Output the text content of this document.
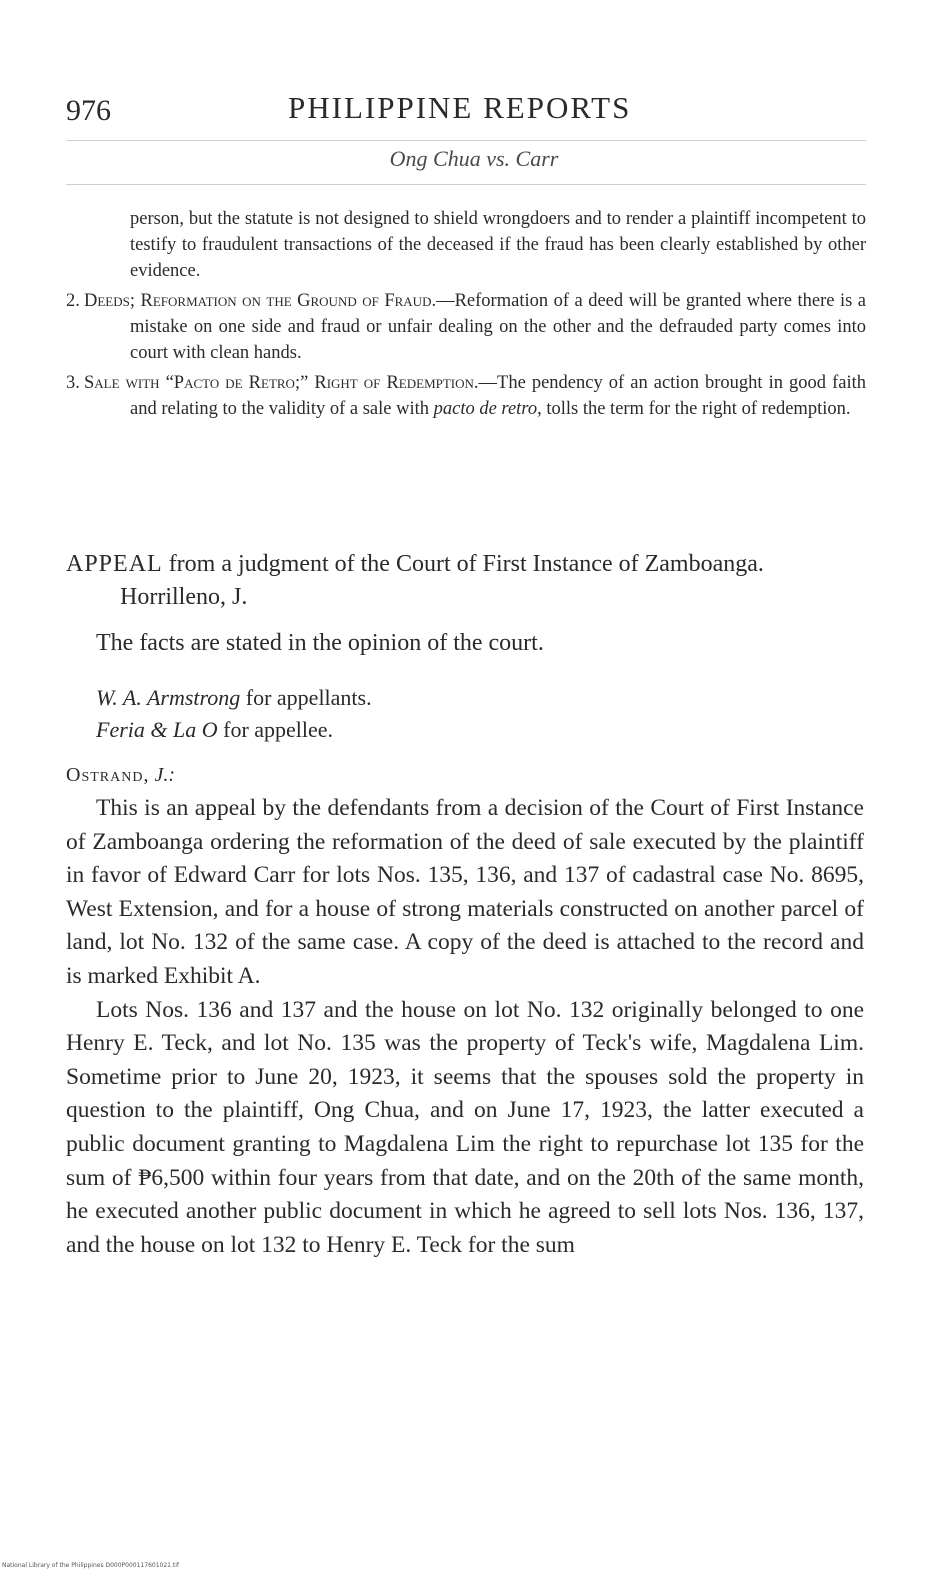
976	PHILIPPINE REPORTS
Ong Chua vs. Carr

person, but the statute is not designed to shield wrongdoers and to render a plaintiff incompetent to testify to fraudulent transactions of the deceased if the fraud has been clearly established by other evidence.

2. Deeds; Reformation on the Ground of Fraud.—Reformation of a deed will be granted where there is a mistake on one side and fraud or unfair dealing on the other and the defrauded party comes into court with clean hands.

3. Sale with “Pacto de Retro;” Right of Redemption.—The pendency of an action brought in good faith and relating to the validity of a sale with pacto de retro, tolls the term for the right of redemption.

APPEAL from a judgment of the Court of First Instance of Zamboanga. Horrilleno, J.
The facts are stated in the opinion of the court.
W. A. Armstrong for appellants.
Feria & La O for appellee.
Ostrand, J.:

This is an appeal by the defendants from a decision of the Court of First Instance of Zamboanga ordering the reformation of the deed of sale executed by the plaintiff in favor of Edward Carr for lots Nos. 135, 136, and 137 of cadastral case No. 8695, West Extension, and for a house of strong materials constructed on another parcel of land, lot No. 132 of the same case. A copy of the deed is attached to the record and is marked Exhibit A.

Lots Nos. 136 and 137 and the house on lot No. 132 originally belonged to one Henry E. Teck, and lot No. 135 was the property of Teck's wife, Magdalena Lim. Sometime prior to June 20, 1923, it seems that the spouses sold the property in question to the plaintiff, Ong Chua, and on June 17, 1923, the latter executed a public document granting to Magdalena Lim the right to repurchase lot 135 for the sum of ₱6,500 within four years from that date, and on the 20th of the same month, he executed another public document in which he agreed to sell lots Nos. 136, 137, and the house on lot 132 to Henry E. Teck for the sum

National Library of the Philippines D000P000117601021.tif
